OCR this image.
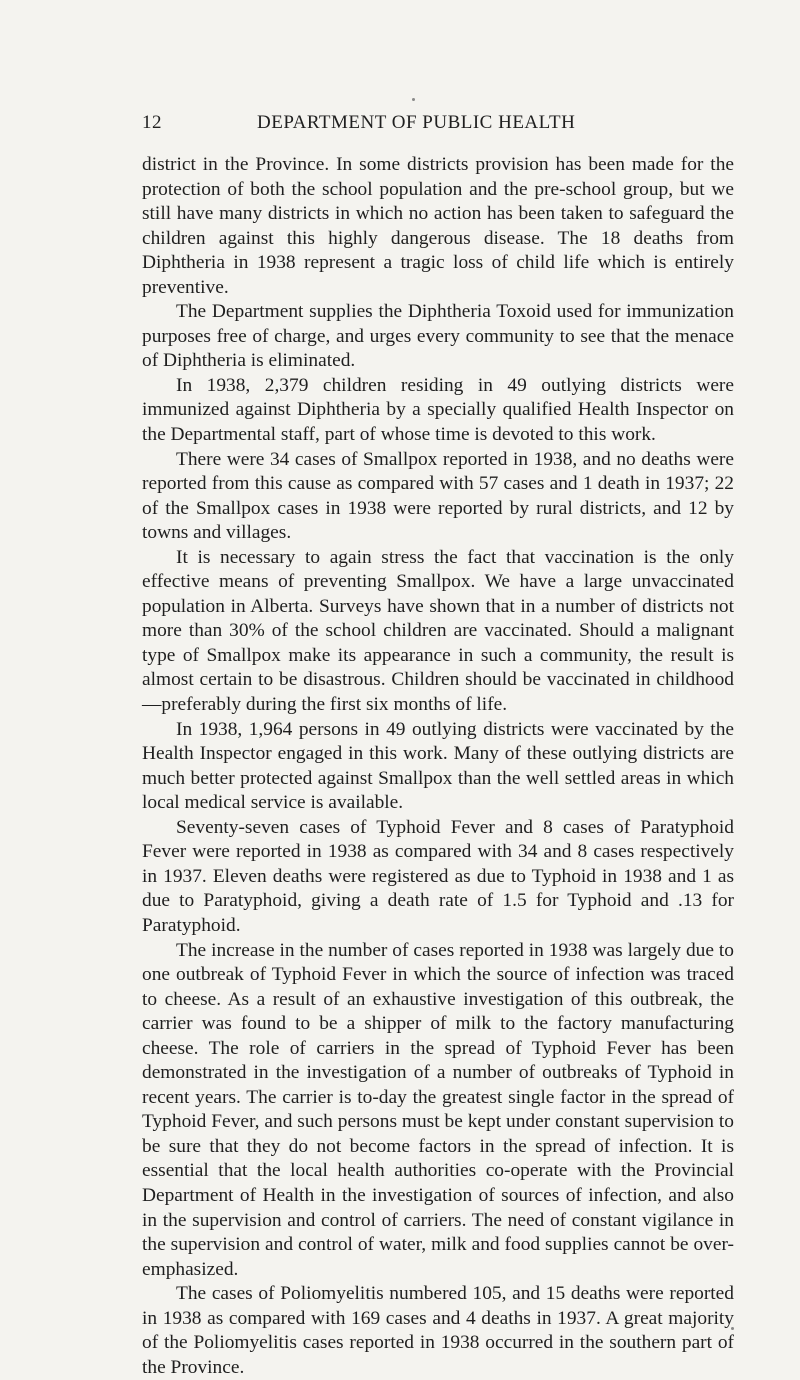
12	DEPARTMENT OF PUBLIC HEALTH

district in the Province. In some districts provision has been made for the protection of both the school population and the pre-school group, but we still have many districts in which no action has been taken to safeguard the children against this highly dangerous disease. The 18 deaths from Diphtheria in 1938 represent a tragic loss of child life which is entirely preventive.

The Department supplies the Diphtheria Toxoid used for immunization purposes free of charge, and urges every community to see that the menace of Diphtheria is eliminated.

In 1938, 2,379 children residing in 49 outlying districts were immunized against Diphtheria by a specially qualified Health Inspector on the Departmental staff, part of whose time is devoted to this work.

There were 34 cases of Smallpox reported in 1938, and no deaths were reported from this cause as compared with 57 cases and 1 death in 1937; 22 of the Smallpox cases in 1938 were reported by rural districts, and 12 by towns and villages.

It is necessary to again stress the fact that vaccination is the only effective means of preventing Smallpox. We have a large unvaccinated population in Alberta. Surveys have shown that in a number of districts not more than 30% of the school children are vaccinated. Should a malignant type of Smallpox make its appearance in such a community, the result is almost certain to be disastrous. Children should be vaccinated in childhood—preferably during the first six months of life.

In 1938, 1,964 persons in 49 outlying districts were vaccinated by the Health Inspector engaged in this work. Many of these outlying districts are much better protected against Smallpox than the well settled areas in which local medical service is available.

Seventy-seven cases of Typhoid Fever and 8 cases of Paratyphoid Fever were reported in 1938 as compared with 34 and 8 cases respectively in 1937. Eleven deaths were registered as due to Typhoid in 1938 and 1 as due to Paratyphoid, giving a death rate of 1.5 for Typhoid and .13 for Paratyphoid.

The increase in the number of cases reported in 1938 was largely due to one outbreak of Typhoid Fever in which the source of infection was traced to cheese. As a result of an exhaustive investigation of this outbreak, the carrier was found to be a shipper of milk to the factory manufacturing cheese. The role of carriers in the spread of Typhoid Fever has been demonstrated in the investigation of a number of outbreaks of Typhoid in recent years. The carrier is to-day the greatest single factor in the spread of Typhoid Fever, and such persons must be kept under constant supervision to be sure that they do not become factors in the spread of infection. It is essential that the local health authorities co-operate with the Provincial Department of Health in the investigation of sources of infection, and also in the supervision and control of carriers. The need of constant vigilance in the supervision and control of water, milk and food supplies cannot be over-emphasized.

The cases of Poliomyelitis numbered 105, and 15 deaths were reported in 1938 as compared with 169 cases and 4 deaths in 1937. A great majority of the Poliomyelitis cases reported in 1938 occurred in the southern part of the Province.
